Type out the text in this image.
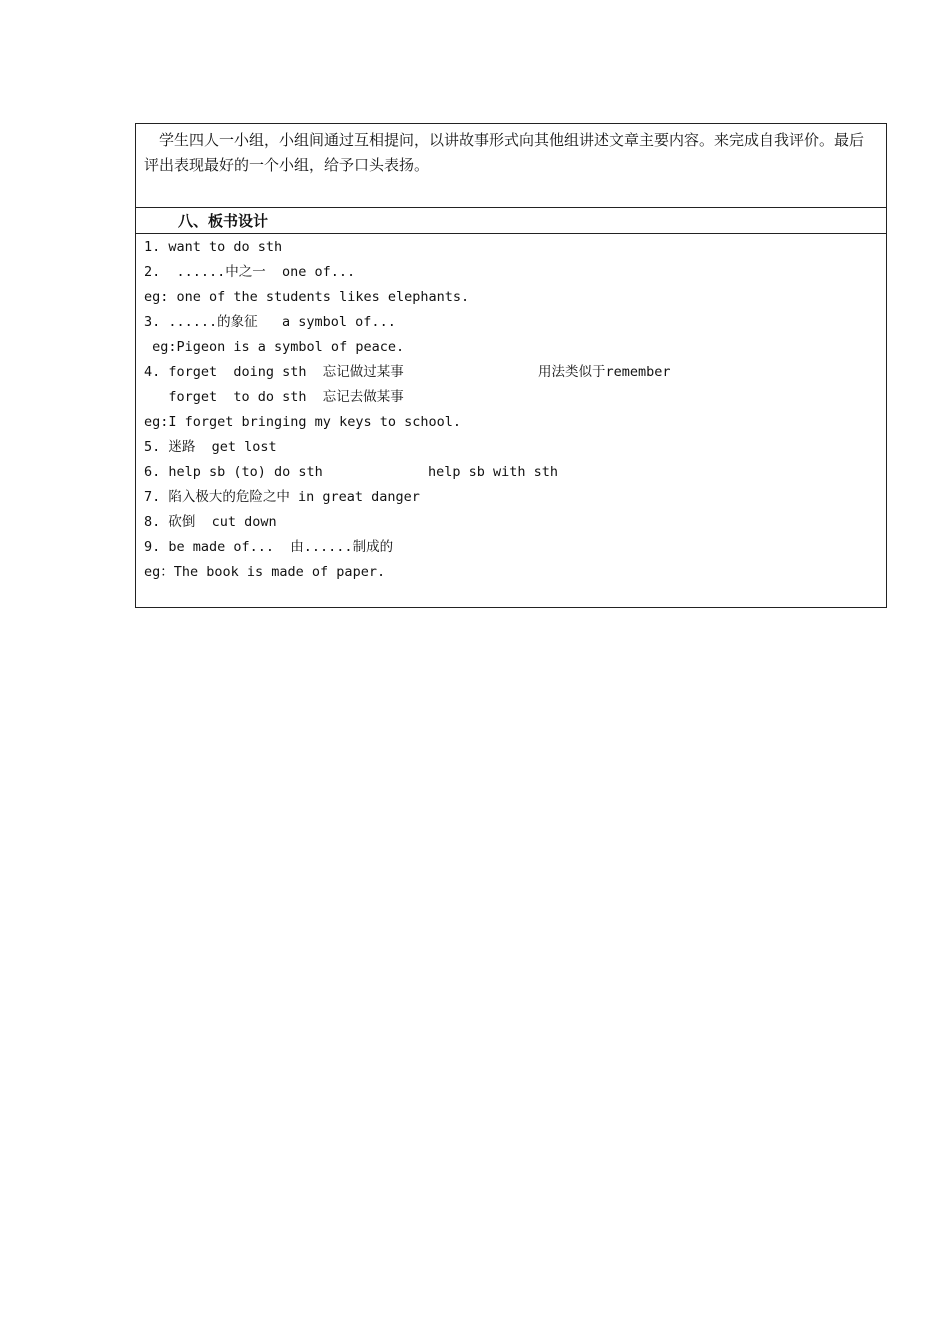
学生四人一小组，小组间通过互相提问，以讲故事形式向其他组讲述文章主要内容。来完成自我评价。最后评出表现最好的一个小组，给予口头表扬。

八、板书设计
1. want to do sth
2.  ......中之一  one of...
eg: one of the students likes elephants.
3. ......的象征   a symbol of...
eg:Pigeon is a symbol of peace.
4. forget  doing sth  忘记做过某事	用法类似于remember
forget  to do sth  忘记去做某事
eg:I forget bringing my keys to school.
5. 迷路  get lost
6. help sb (to) do sth	help sb with sth
7. 陷入极大的危险之中 in great danger
8. 砍倒  cut down
9. be made of...  由......制成的
eg：The book is made of paper.
